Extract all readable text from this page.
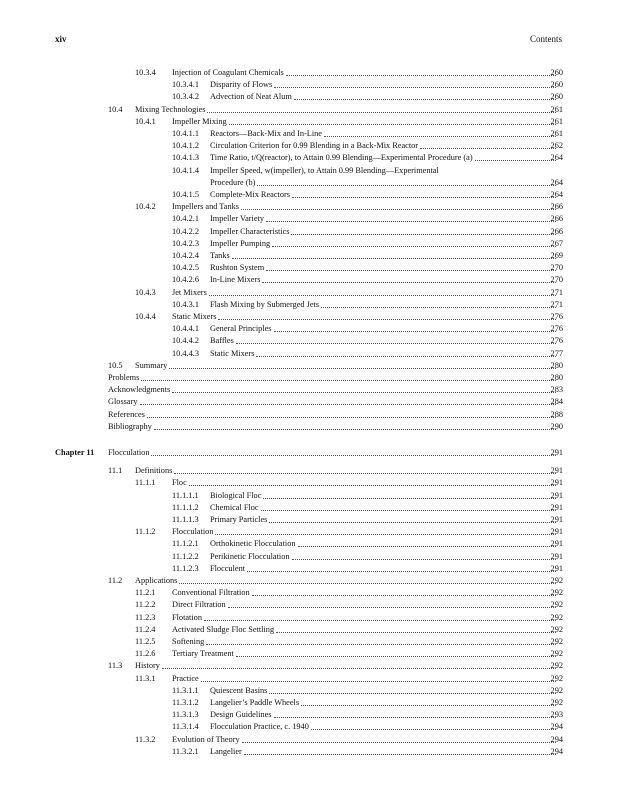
xiv	Contents
10.3.4 Injection of Coagulant Chemicals	260
10.3.4.1 Disparity of Flows	260
10.3.4.2 Advection of Neat Alum	260
10.4 Mixing Technologies	261
10.4.1 Impeller Mixing	261
10.4.1.1 Reactors—Back-Mix and In-Line	261
10.4.1.2 Circulation Criterion for 0.99 Blending in a Back-Mix Reactor	262
10.4.1.3 Time Ratio, t/Q(reactor), to Attain 0.99 Blending—Experimental Procedure (a)	264
10.4.1.4 Impeller Speed, w(impeller), to Attain 0.99 Blending—Experimental
Procedure (b)	264
10.4.1.5 Complete-Mix Reactors	264
10.4.2 Impellers and Tanks	266
10.4.2.1 Impeller Variety	266
10.4.2.2 Impeller Characteristics	266
10.4.2.3 Impeller Pumping	267
10.4.2.4 Tanks	269
10.4.2.5 Rushton System	270
10.4.2.6 In-Line Mixers	270
10.4.3 Jet Mixers	271
10.4.3.1 Flash Mixing by Submerged Jets	271
10.4.4 Static Mixers	276
10.4.4.1 General Principles	276
10.4.4.2 Baffles	276
10.4.4.3 Static Mixers	277
10.5 Summary	280
Problems	280
Acknowledgments	283
Glossary	284
References	288
Bibliography	290
Chapter 11 Flocculation	291
11.1 Definitions	291
11.1.1 Floc	291
11.1.1.1 Biological Floc	291
11.1.1.2 Chemical Floc	291
11.1.1.3 Primary Particles	291
11.1.2 Flocculation	291
11.1.2.1 Orthokinetic Flocculation	291
11.1.2.2 Perikinetic Flocculation	291
11.1.2.3 Flocculent	291
11.2 Applications	292
11.2.1 Conventional Filtration	292
11.2.2 Direct Filtration	292
11.2.3 Flotation	292
11.2.4 Activated Sludge Floc Settling	292
11.2.5 Softening	292
11.2.6 Tertiary Treatment	292
11.3 History	292
11.3.1 Practice	292
11.3.1.1 Quiescent Basins	292
11.3.1.2 Langelier’s Paddle Wheels	292
11.3.1.3 Design Guidelines	293
11.3.1.4 Flocculation Practice, c. 1940	294
11.3.2 Evolution of Theory	294
11.3.2.1 Langelier	294
